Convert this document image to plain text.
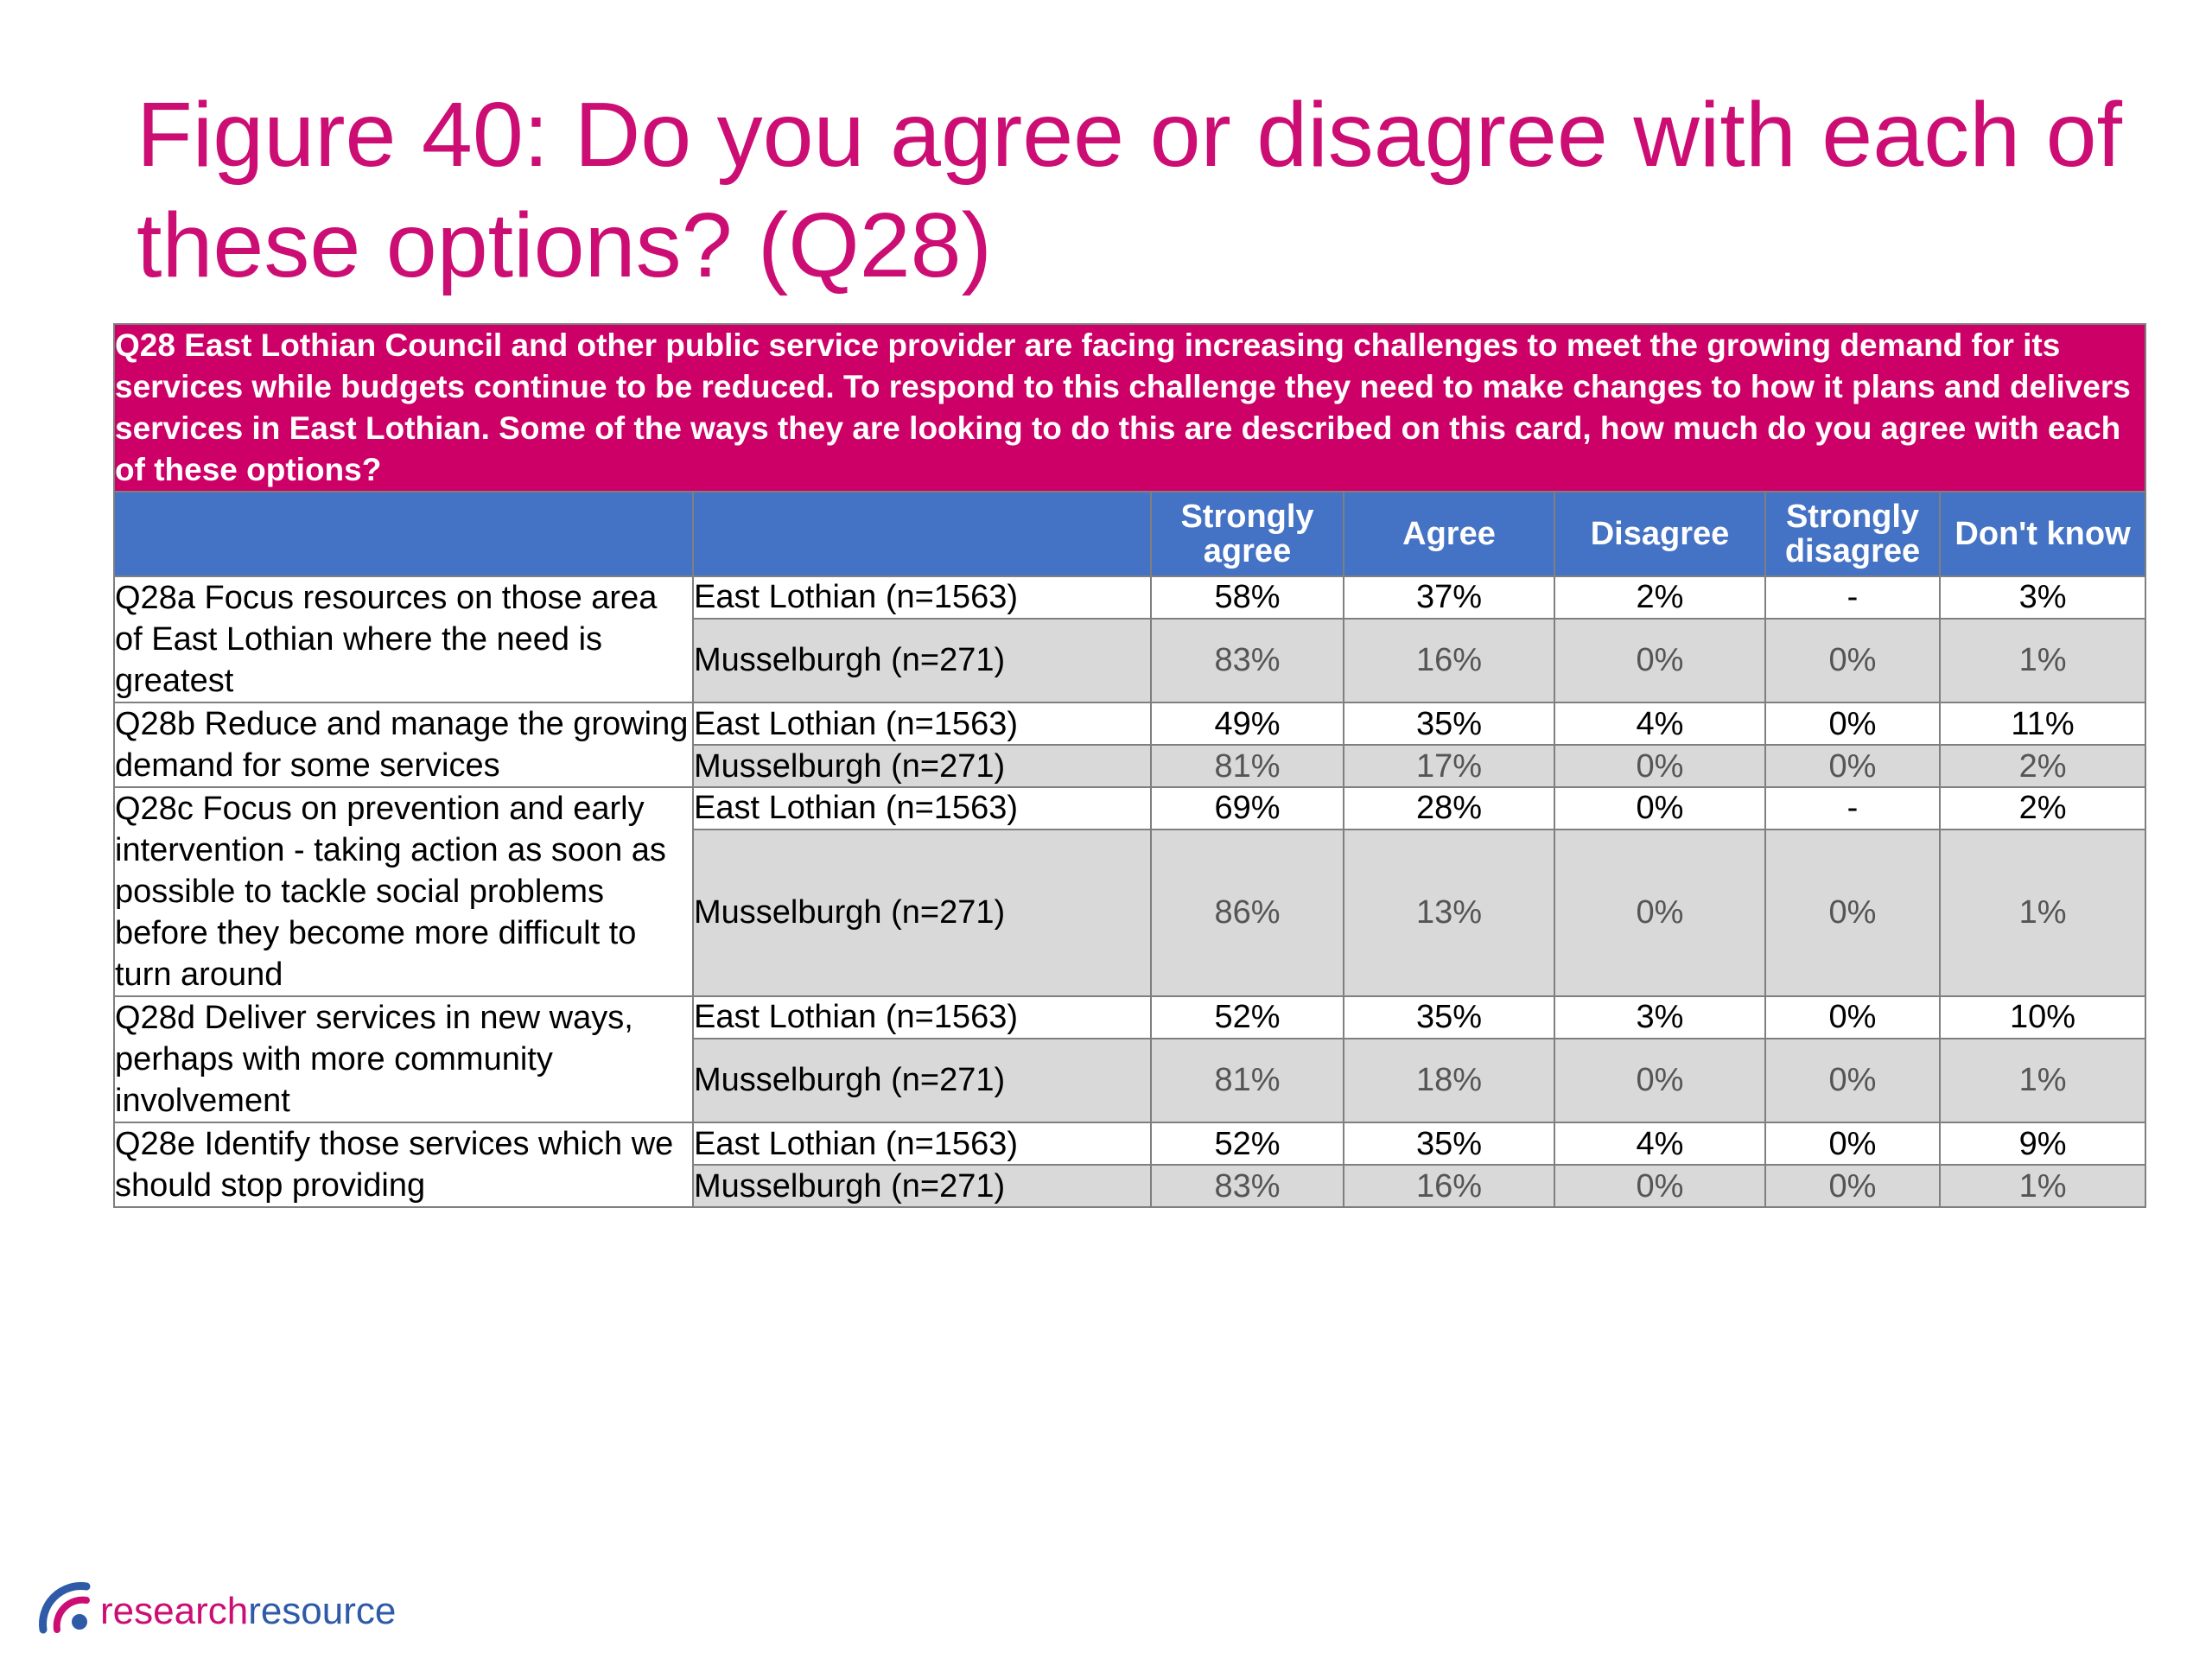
Figure 40: Do you agree or disagree with each of these options? (Q28)
Q28 East Lothian Council and other public service provider are facing increasing challenges to meet the growing demand for its services while budgets continue to be reduced. To respond to this challenge they need to make changes to how it plans and delivers services in East Lothian. Some of the ways they are looking to do this are described on this card, how much do you agree with each of these options?						
		Strongly agree	Agree	Disagree	Strongly disagree	Don't know
Q28a Focus resources on those area of East Lothian where the need is greatest	East Lothian (n=1563)	58%	37%	2%	-	3%
	Musselburgh (n=271)	83%	16%	0%	0%	1%
Q28b Reduce and manage the growing demand for some services	East Lothian (n=1563)	49%	35%	4%	0%	11%
	Musselburgh (n=271)	81%	17%	0%	0%	2%
Q28c Focus on prevention and early intervention - taking action as soon as possible to tackle social problems before they become more difficult to turn around	East Lothian (n=1563)	69%	28%	0%	-	2%
	Musselburgh (n=271)	86%	13%	0%	0%	1%
Q28d Deliver services in new ways, perhaps with more community involvement	East Lothian (n=1563)	52%	35%	3%	0%	10%
	Musselburgh (n=271)	81%	18%	0%	0%	1%
Q28e Identify those services which we should stop providing	East Lothian (n=1563)	52%	35%	4%	0%	9%
	Musselburgh (n=271)	83%	16%	0%	0%	1%
researchresource
